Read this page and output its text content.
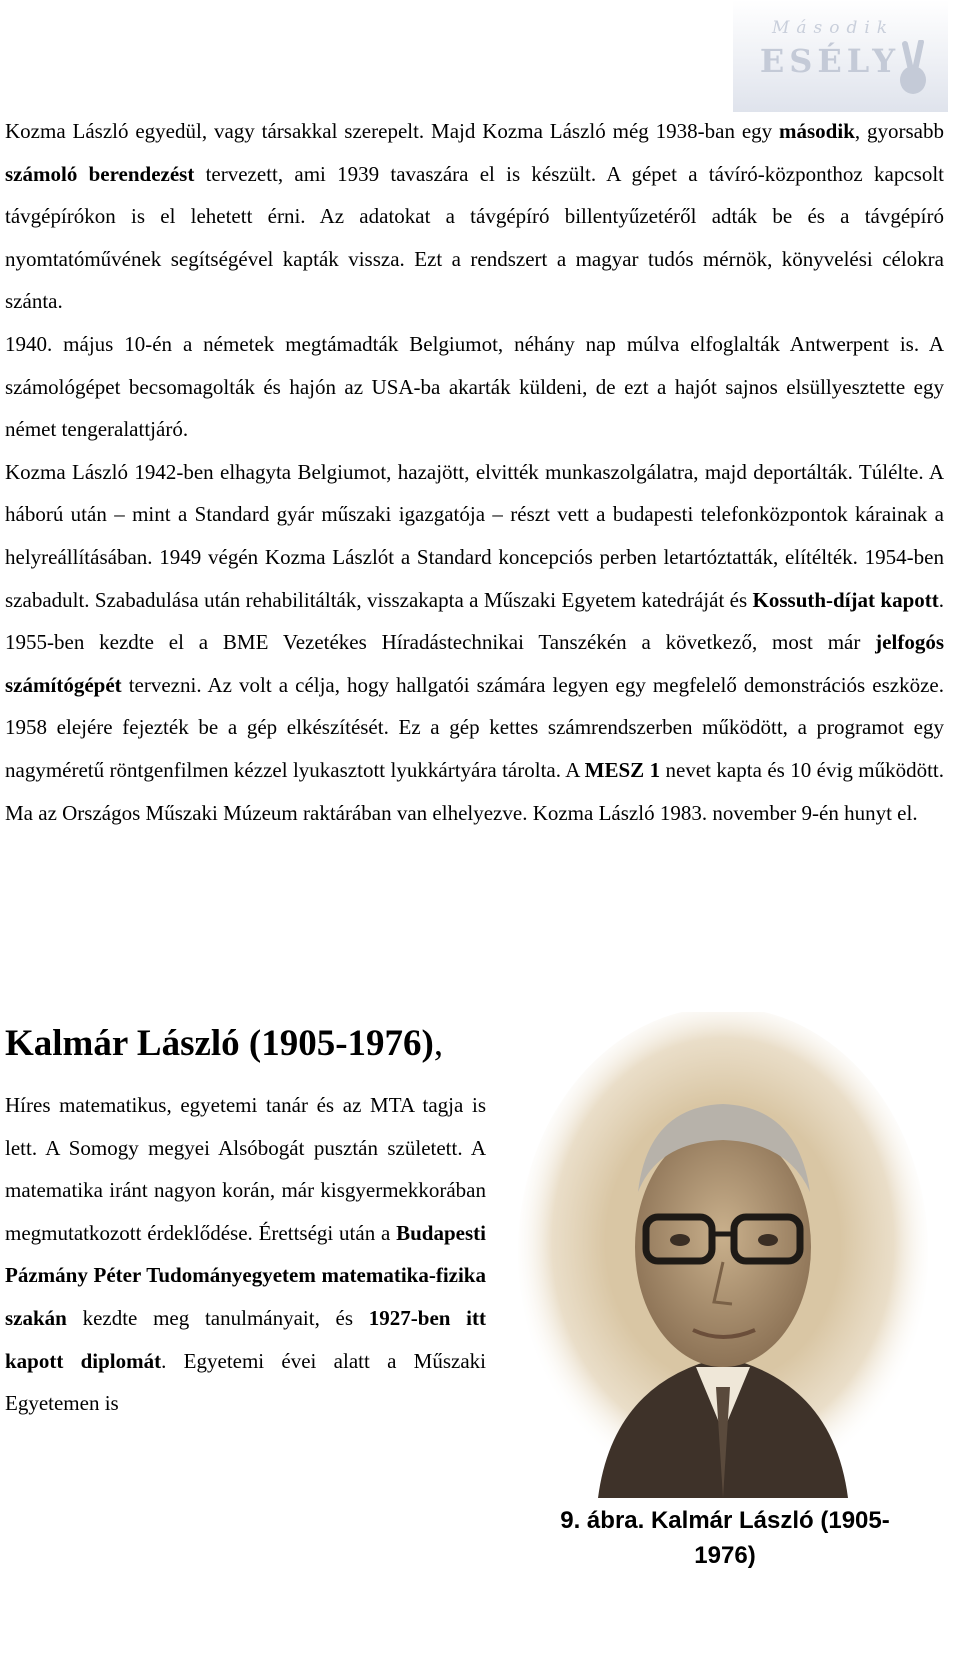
Második
ESÉLY

Kozma László egyedül, vagy társakkal szerepelt. Majd Kozma László még 1938-ban egy második, gyorsabb számoló berendezést tervezett, ami 1939 tavaszára el is készült. A gépet a távíró-központhoz kapcsolt távgépírókon is el lehetett érni. Az adatokat a távgépíró billentyűzetéről adták be és a távgépíró nyomtatóművének segítségével kapták vissza. Ezt a rendszert a magyar tudós mérnök, könyvelési célokra szánta.

1940. május 10-én a németek megtámadták Belgiumot, néhány nap múlva elfoglalták Antwerpent is. A számológépet becsomagolták és hajón az USA-ba akarták küldeni, de ezt a hajót sajnos elsüllyesztette egy német tengeralattjáró.

Kozma László 1942-ben elhagyta Belgiumot, hazajött, elvitték munkaszolgálatra, majd deportálták. Túlélte. A háború után – mint a Standard gyár műszaki igazgatója – részt vett a budapesti telefonközpontok kárainak a helyreállításában. 1949 végén Kozma Lászlót a Standard koncepciós perben letartóztatták, elítélték. 1954-ben szabadult. Szabadulása után rehabilitálták, visszakapta a Műszaki Egyetem katedráját és Kossuth-díjat kapott. 1955-ben kezdte el a BME Vezetékes Híradástechnikai Tanszékén a következő, most már jelfogós számítógépét tervezni. Az volt a célja, hogy hallgatói számára legyen egy megfelelő demonstrációs eszköze. 1958 elejére fejezték be a gép elkészítését. Ez a gép kettes számrendszerben működött, a programot egy nagyméretű röntgenfilmen kézzel lyukasztott lyukkártyára tárolta. A MESZ 1 nevet kapta és 10 évig működött. Ma az Országos Műszaki Múzeum raktárában van elhelyezve. Kozma László 1983. november 9-én hunyt el.

Kalmár László (1905-1976),

Híres matematikus, egyetemi tanár és az MTA tagja is lett. A Somogy megyei Alsóbogát pusztán született. A matematika iránt nagyon korán, már kisgyermekkorában megmutatkozott érdeklődése. Érettségi után a Budapesti Pázmány Péter Tudományegyetem matematika-fizika szakán kezdte meg tanulmányait, és 1927-ben itt kapott diplomát. Egyetemi évei alatt a Műszaki Egyetemen is

9. ábra. Kalmár László (1905-
1976)
